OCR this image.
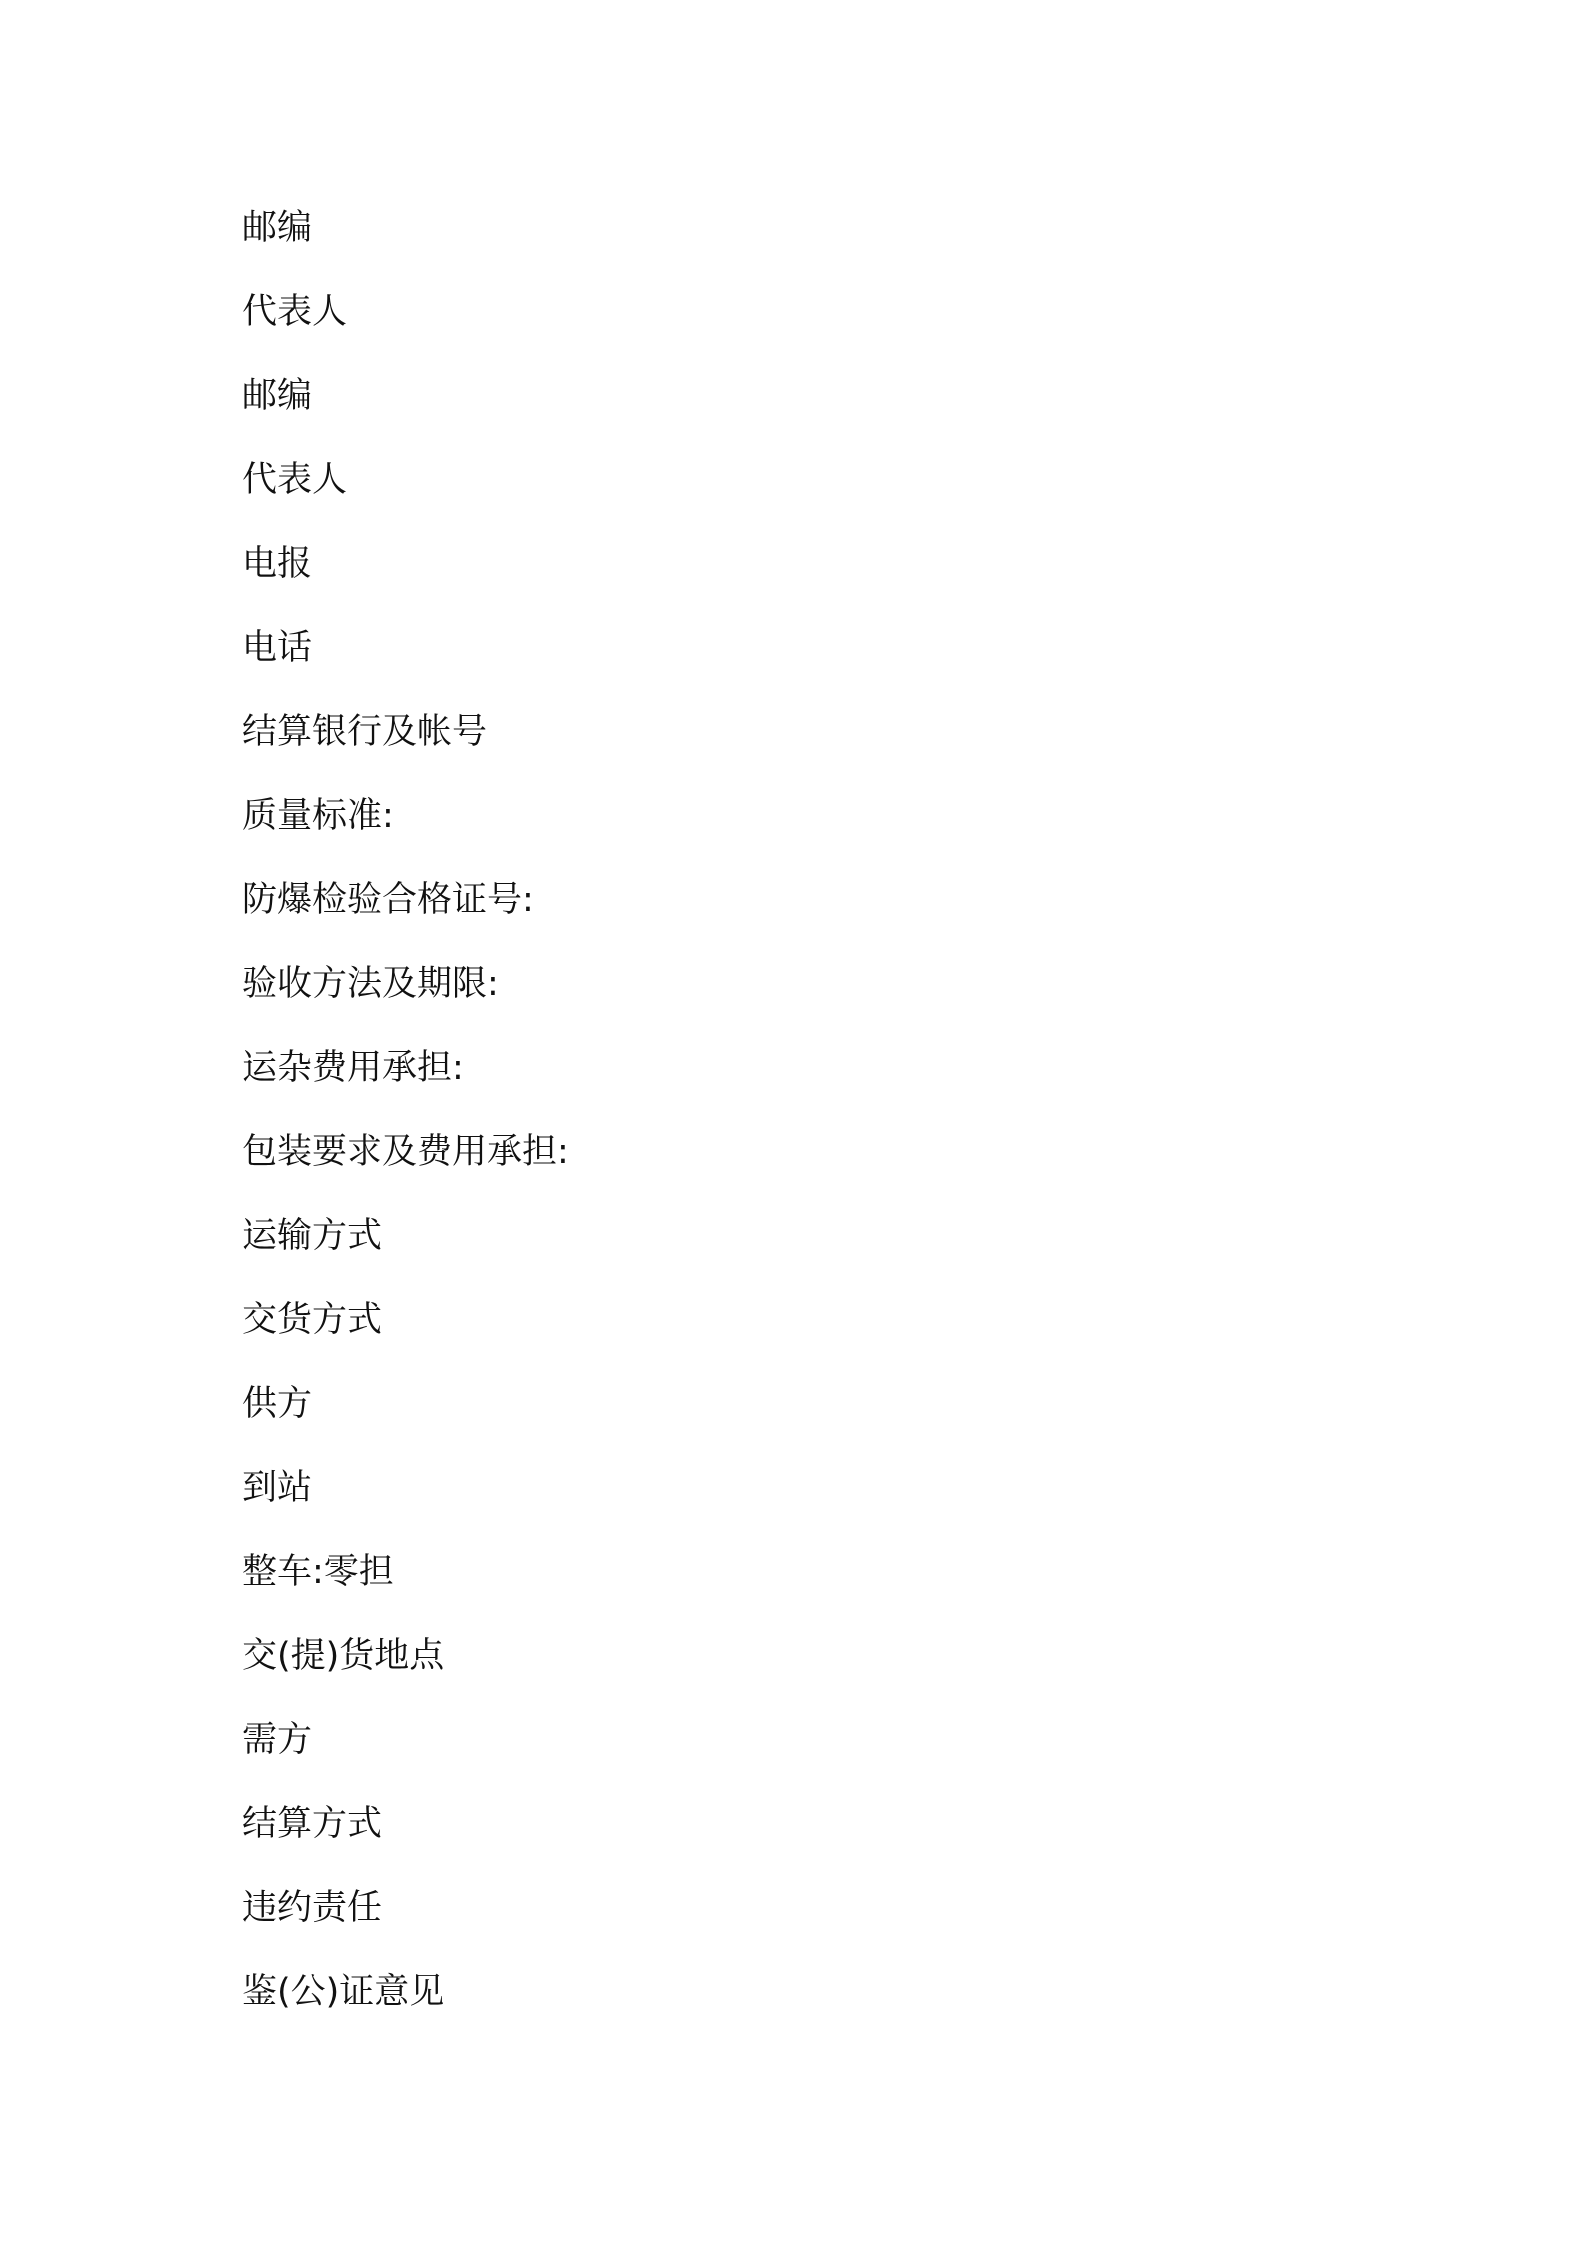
邮编
代表人
邮编
代表人
电报
电话
结算银行及帐号
质量标准:
防爆检验合格证号:
验收方法及期限:
运杂费用承担:
包装要求及费用承担:
运输方式
交货方式
供方
到站
整车:零担
交(提)货地点
需方
结算方式
违约责任
鉴(公)证意见
